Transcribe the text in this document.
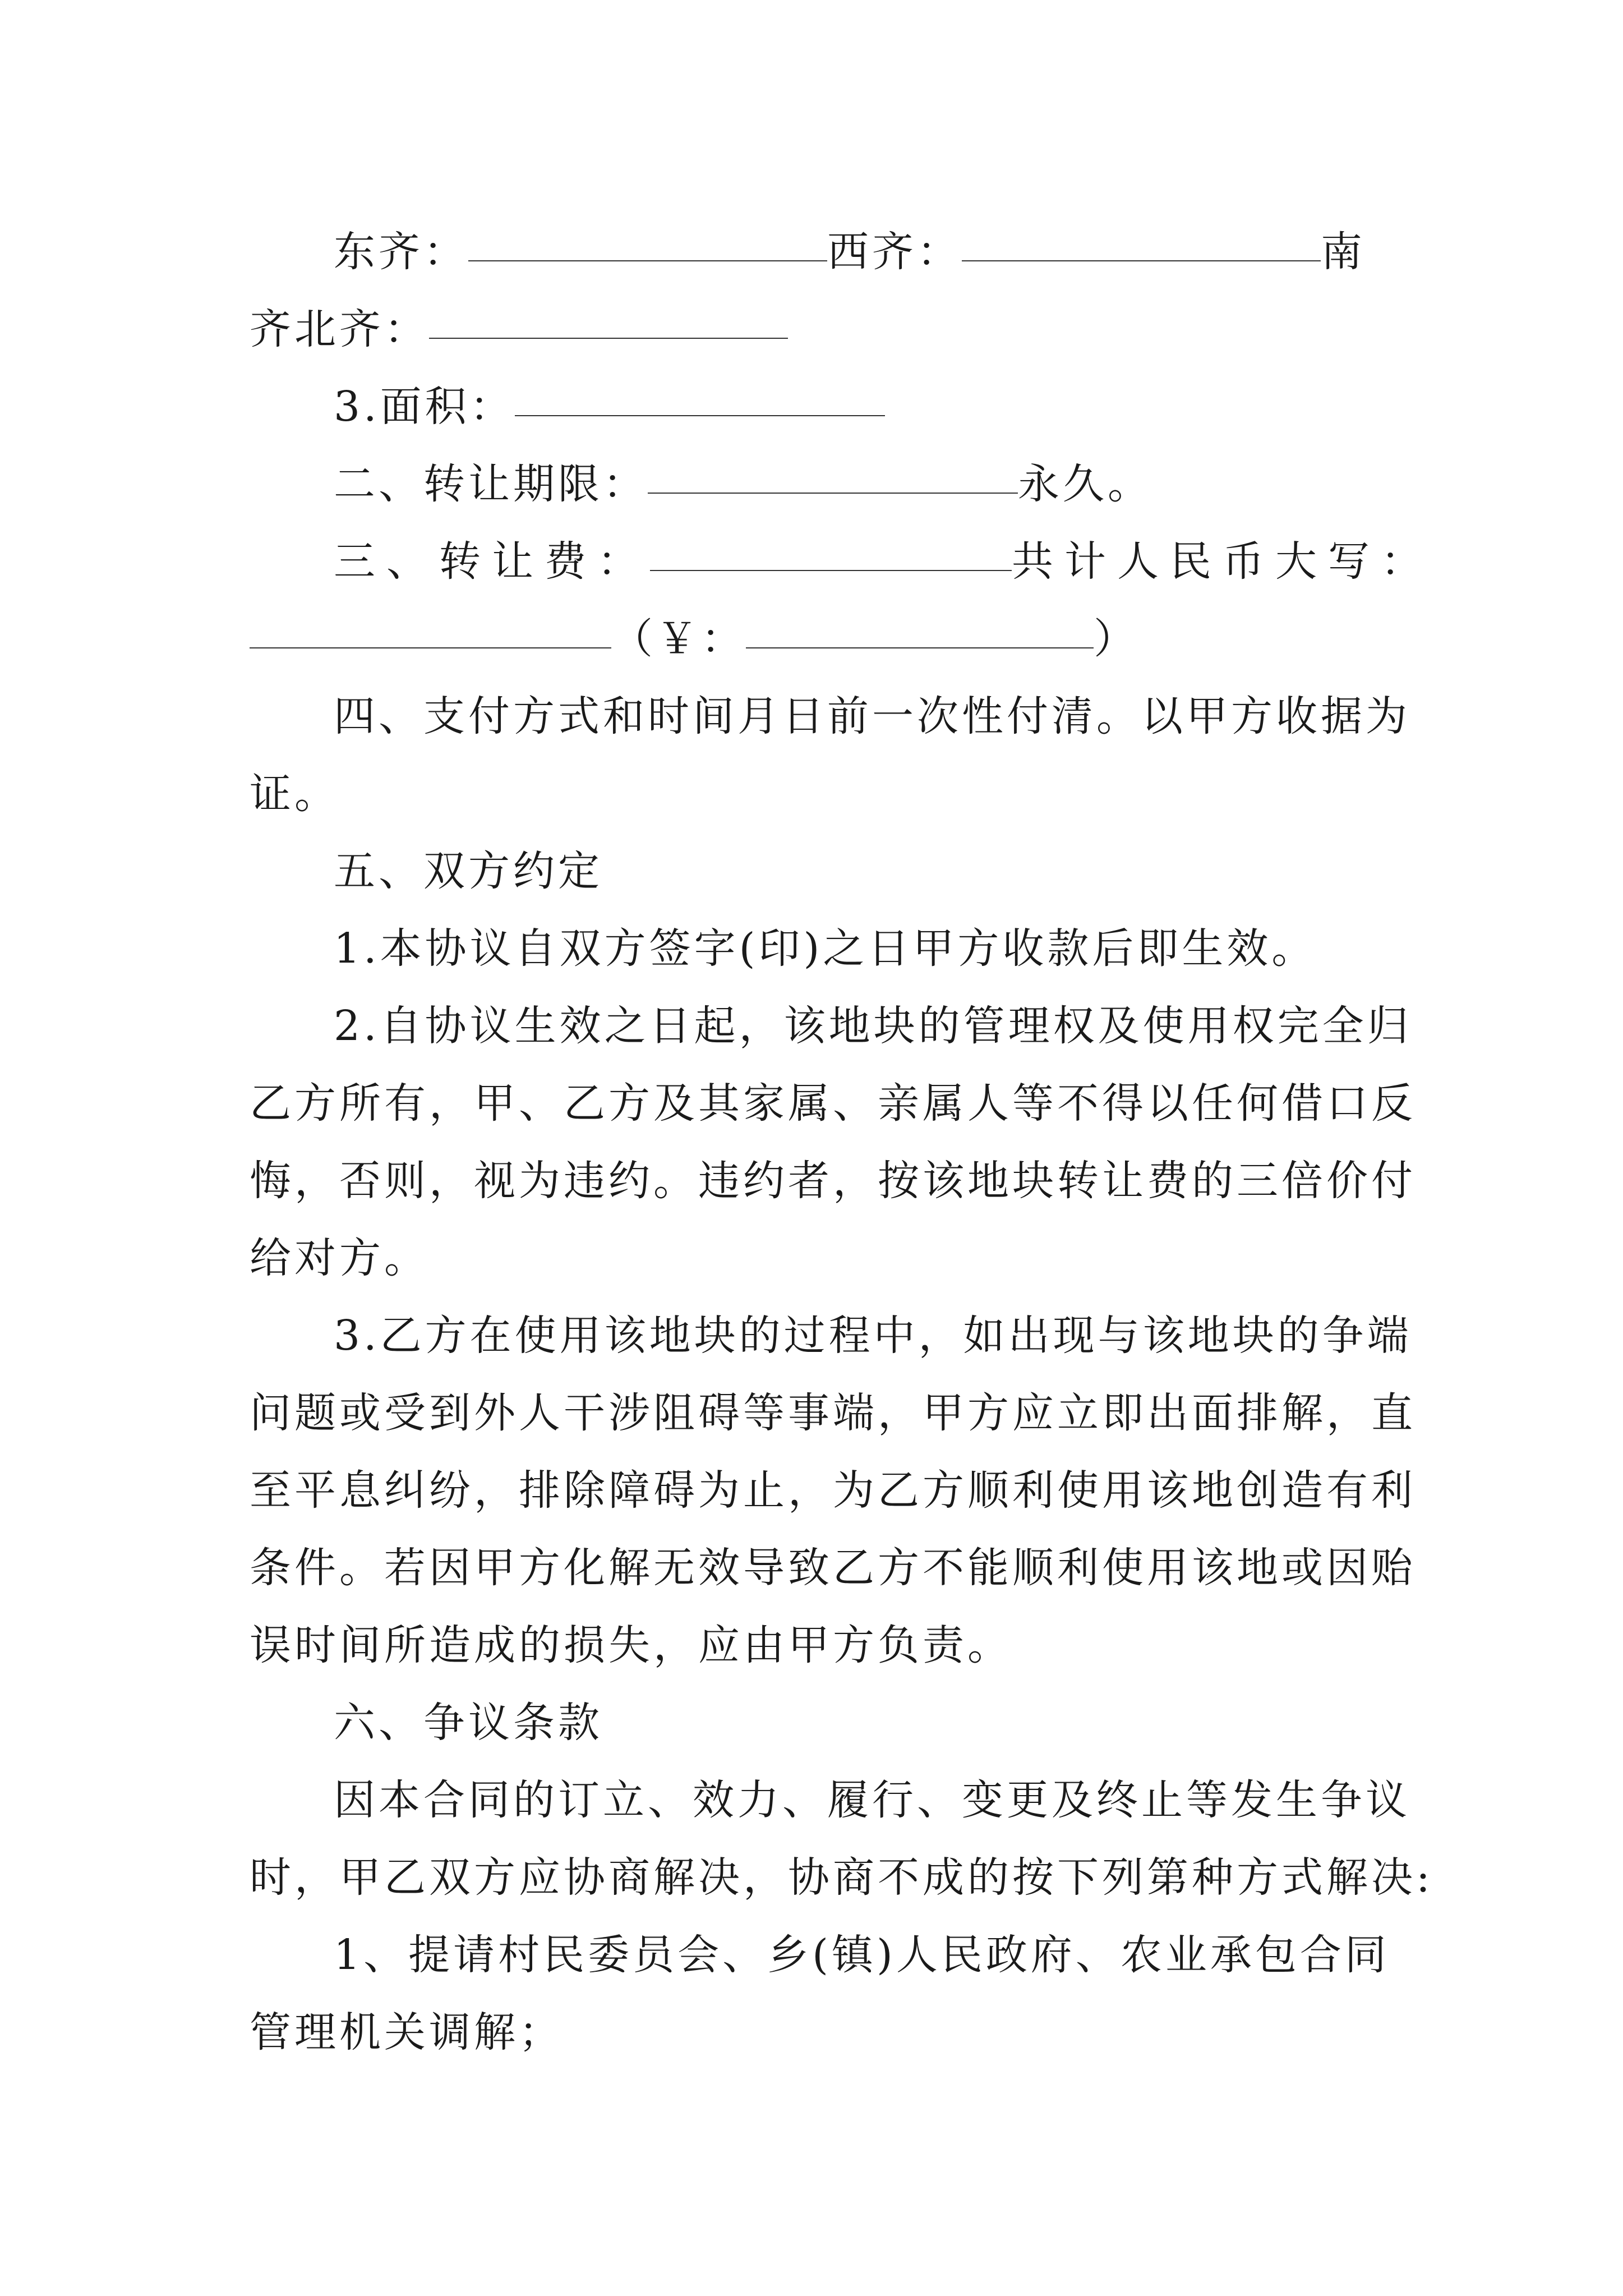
东齐：	西齐：	南
齐北齐：
3.面积：
二、转让期限：	永久。
三、转让费：	共计人民币大写：
（￥：	）
四、支付方式和时间月日前一次性付清。以甲方收据为
证。
五、双方约定
1.本协议自双方签字(印)之日甲方收款后即生效。
2.自协议生效之日起，该地块的管理权及使用权完全归
乙方所有，甲、乙方及其家属、亲属人等不得以任何借口反
悔，否则，视为违约。违约者，按该地块转让费的三倍价付
给对方。
3.乙方在使用该地块的过程中，如出现与该地块的争端
问题或受到外人干涉阻碍等事端，甲方应立即出面排解，直
至平息纠纷，排除障碍为止，为乙方顺利使用该地创造有利
条件。若因甲方化解无效导致乙方不能顺利使用该地或因贻
误时间所造成的损失，应由甲方负责。
六、争议条款
因本合同的订立、效力、履行、变更及终止等发生争议
时，甲乙双方应协商解决，协商不成的按下列第种方式解决:
1、提请村民委员会、乡(镇)人民政府、农业承包合同
管理机关调解；
